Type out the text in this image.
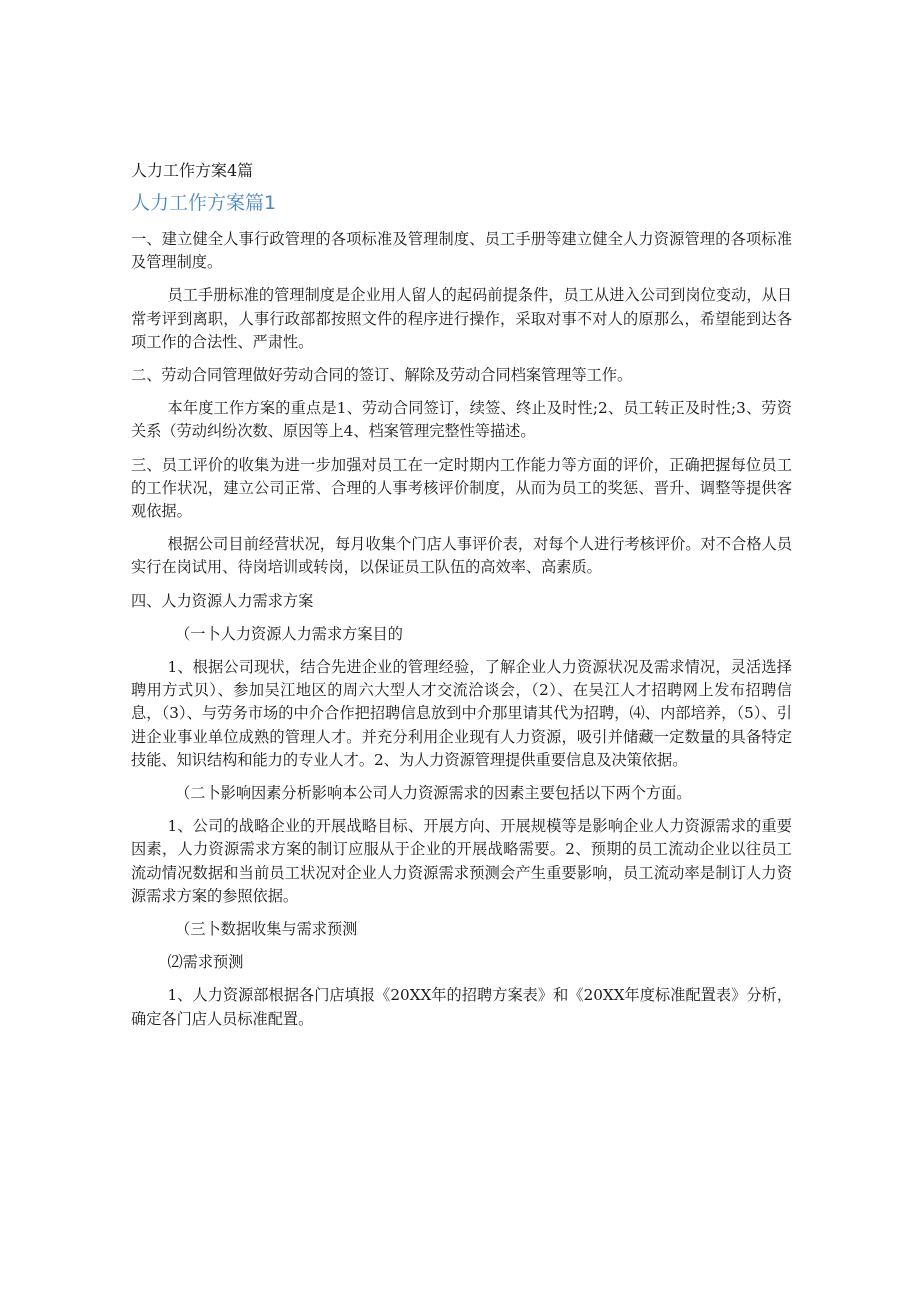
人力工作方案4篇
人力工作方案篇1
一、建立健全人事行政管理的各项标准及管理制度、员工手册等建立健全人力资源管理的各项标准及管理制度。
员工手册标准的管理制度是企业用人留人的起码前提条件，员工从进入公司到岗位变动，从日常考评到离职，人事行政部都按照文件的程序进行操作，采取对事不对人的原那么，希望能到达各项工作的合法性、严肃性。
二、劳动合同管理做好劳动合同的签订、解除及劳动合同档案管理等工作。
本年度工作方案的重点是1、劳动合同签订，续签、终止及时性;2、员工转正及时性;3、劳资关系（劳动纠纷次数、原因等上4、档案管理完整性等描述。
三、员工评价的收集为进一步加强对员工在一定时期内工作能力等方面的评价，正确把握每位员工的工作状况，建立公司正常、合理的人事考核评价制度，从而为员工的奖惩、晋升、调整等提供客观依据。
根据公司目前经营状况，每月收集个门店人事评价表，对每个人进行考核评价。对不合格人员实行在岗试用、待岗培训或转岗，以保证员工队伍的高效率、高素质。
四、人力资源人力需求方案
（一卜人力资源人力需求方案目的
1、根据公司现状，结合先进企业的管理经验，了解企业人力资源状况及需求情况，灵活选择聘用方式贝）、参加吴江地区的周六大型人才交流洽谈会，（2）、在吴江人才招聘网上发布招聘信息，（3）、与劳务市场的中介合作把招聘信息放到中介那里请其代为招聘，⑷、内部培养，（5）、引进企业事业单位成熟的管理人才。并充分利用企业现有人力资源，吸引并储藏一定数量的具备特定技能、知识结构和能力的专业人才。2、为人力资源管理提供重要信息及决策依据。
（二卜影响因素分析影响本公司人力资源需求的因素主要包括以下两个方面。
1、公司的战略企业的开展战略目标、开展方向、开展规模等是影响企业人力资源需求的重要因素，人力资源需求方案的制订应服从于企业的开展战略需要。2、预期的员工流动企业以往员工流动情况数据和当前员工状况对企业人力资源需求预测会产生重要影响，员工流动率是制订人力资源需求方案的参照依据。
（三卜数据收集与需求预测
⑵需求预测
1、人力资源部根据各门店填报《20XX年的招聘方案表》和《20XX年度标准配置表》分析，确定各门店人员标准配置。
